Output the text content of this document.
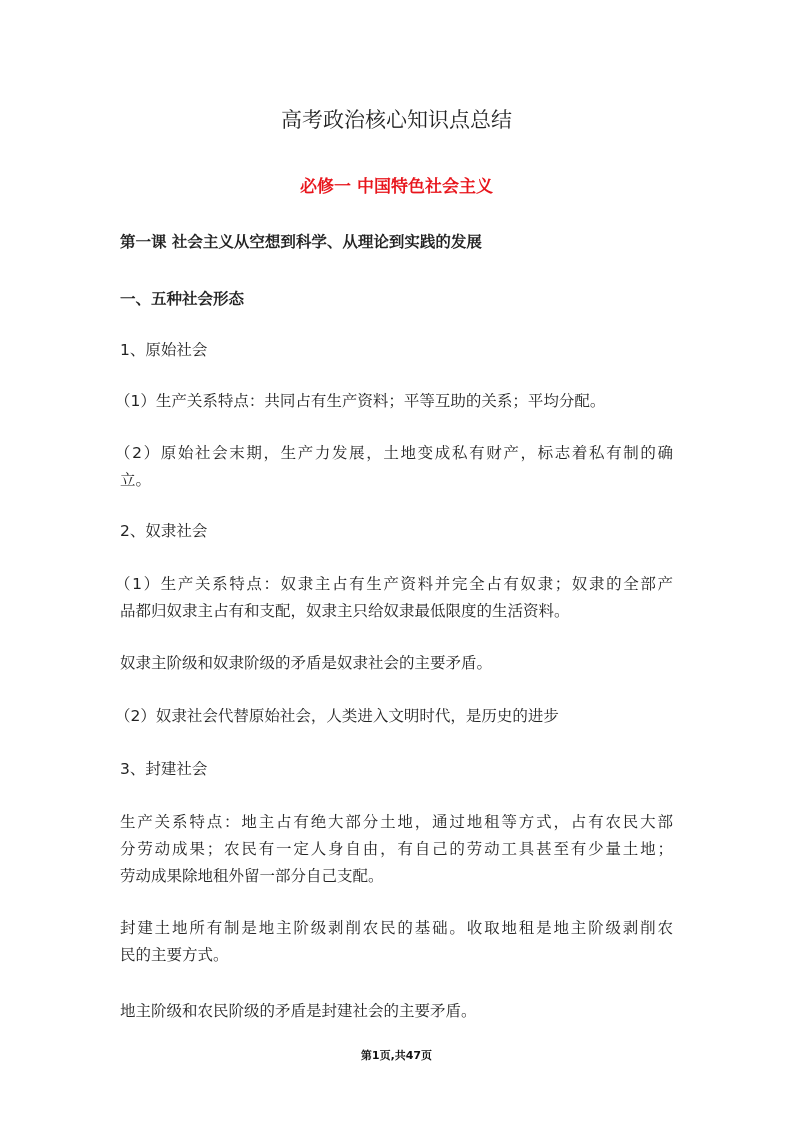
高考政治核心知识点总结
必修一 中国特色社会主义
第一课 社会主义从空想到科学、从理论到实践的发展
一、五种社会形态
1、原始社会
（1）生产关系特点：共同占有生产资料；平等互助的关系；平均分配。
（2）原始社会末期，生产力发展，土地变成私有财产，标志着私有制的确
立。
2、奴隶社会
（1）生产关系特点：奴隶主占有生产资料并完全占有奴隶；奴隶的全部产
品都归奴隶主占有和支配，奴隶主只给奴隶最低限度的生活资料。
奴隶主阶级和奴隶阶级的矛盾是奴隶社会的主要矛盾。
（2）奴隶社会代替原始社会，人类进入文明时代，是历史的进步
3、封建社会
生产关系特点：地主占有绝大部分土地，通过地租等方式，占有农民大部
分劳动成果；农民有一定人身自由，有自己的劳动工具甚至有少量土地；
劳动成果除地租外留一部分自己支配。
封建土地所有制是地主阶级剥削农民的基础。收取地租是地主阶级剥削农
民的主要方式。
地主阶级和农民阶级的矛盾是封建社会的主要矛盾。
第1页,共47页
